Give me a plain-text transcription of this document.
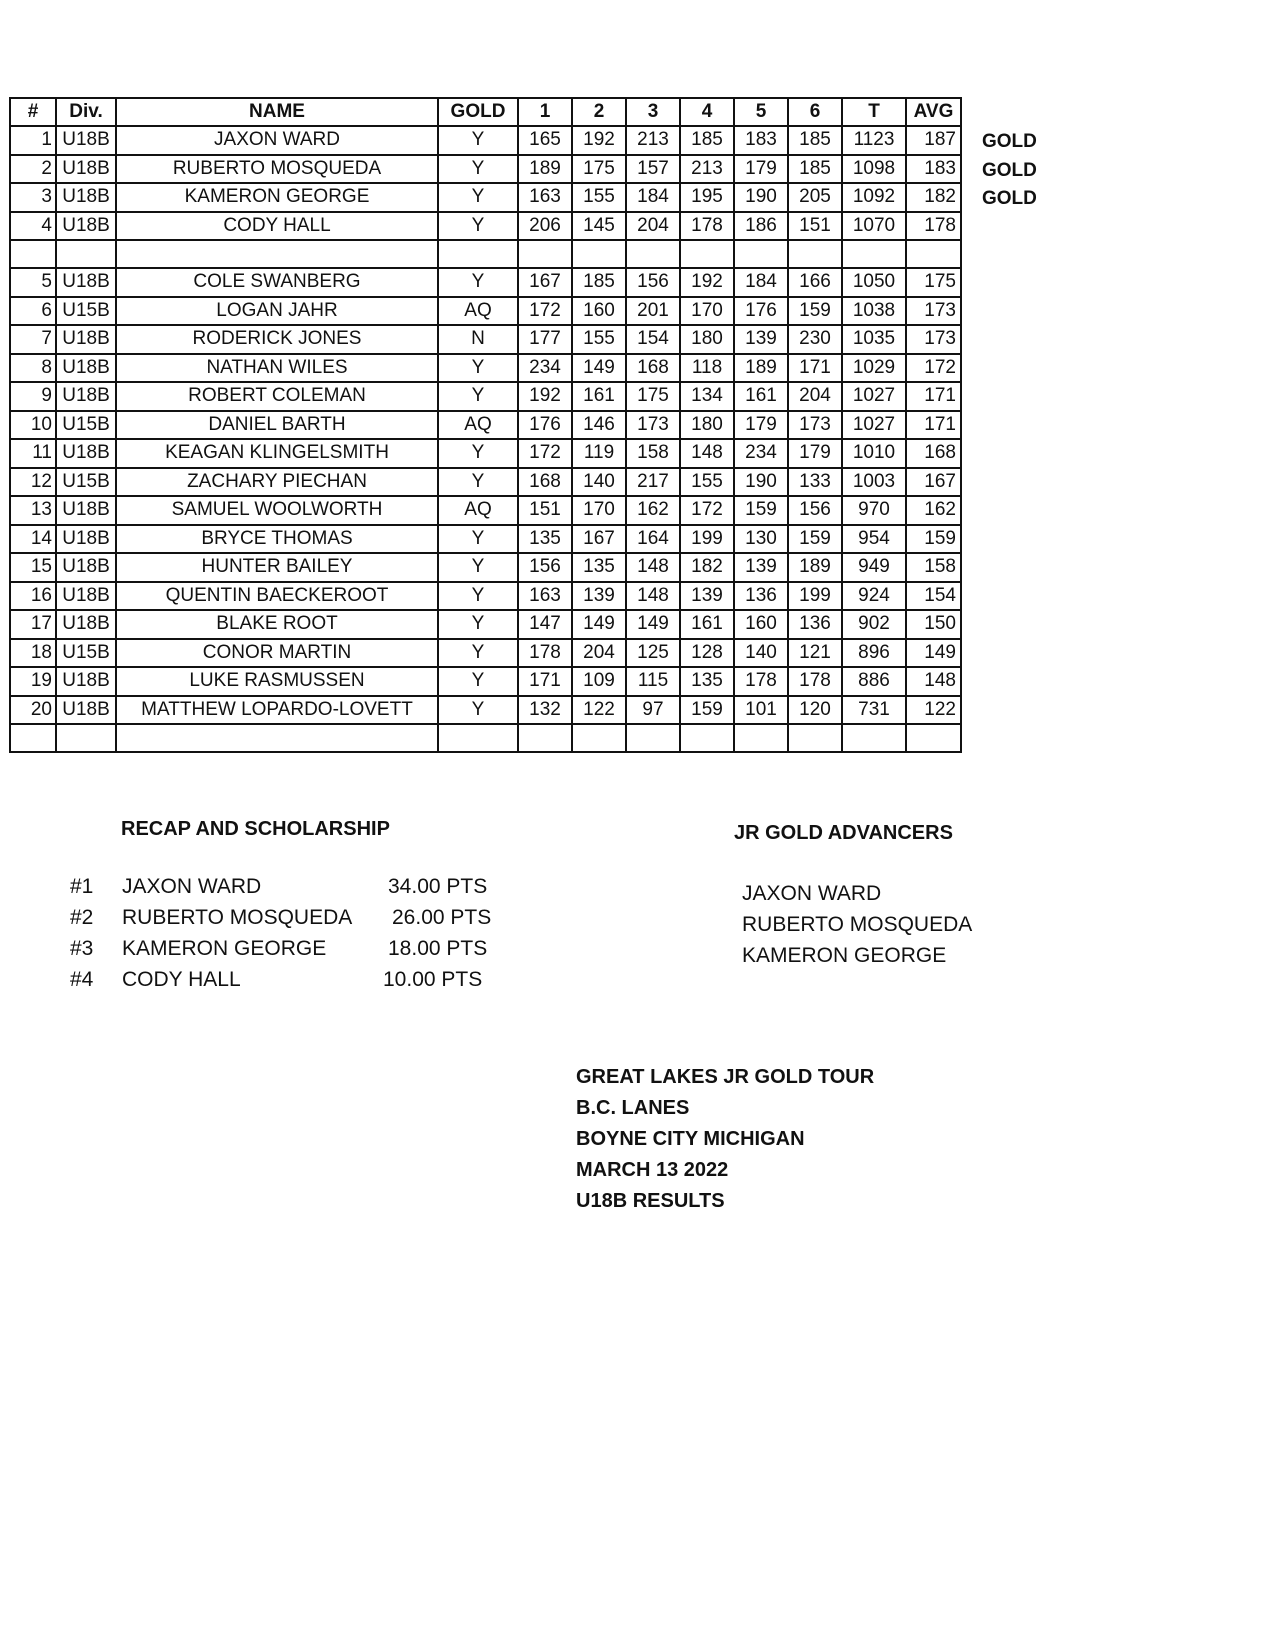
#	Div.	NAME	GOLD	1	2	3	4	5	6	T	AVG
1	U18B	JAXON WARD	Y	165	192	213	185	183	185	1123	187
2	U18B	RUBERTO MOSQUEDA	Y	189	175	157	213	179	185	1098	183
3	U18B	KAMERON GEORGE	Y	163	155	184	195	190	205	1092	182
4	U18B	CODY HALL	Y	206	145	204	178	186	151	1070	178

5	U18B	COLE SWANBERG	Y	167	185	156	192	184	166	1050	175
6	U15B	LOGAN JAHR	AQ	172	160	201	170	176	159	1038	173
7	U18B	RODERICK JONES	N	177	155	154	180	139	230	1035	173
8	U18B	NATHAN WILES	Y	234	149	168	118	189	171	1029	172
9	U18B	ROBERT COLEMAN	Y	192	161	175	134	161	204	1027	171
10	U15B	DANIEL BARTH	AQ	176	146	173	180	179	173	1027	171
11	U18B	KEAGAN KLINGELSMITH	Y	172	119	158	148	234	179	1010	168
12	U15B	ZACHARY PIECHAN	Y	168	140	217	155	190	133	1003	167
13	U18B	SAMUEL WOOLWORTH	AQ	151	170	162	172	159	156	970	162
14	U18B	BRYCE THOMAS	Y	135	167	164	199	130	159	954	159
15	U18B	HUNTER BAILEY	Y	156	135	148	182	139	189	949	158
16	U18B	QUENTIN BAECKEROOT	Y	163	139	148	139	136	199	924	154
17	U18B	BLAKE ROOT	Y	147	149	149	161	160	136	902	150
18	U15B	CONOR MARTIN	Y	178	204	125	128	140	121	896	149
19	U18B	LUKE RASMUSSEN	Y	171	109	115	135	178	178	886	148
20	U18B	MATTHEW LOPARDO-LOVETT	Y	132	122	97	159	101	120	731	122

GOLD
GOLD
GOLD
RECAP AND SCHOLARSHIP	JR GOLD ADVANCERS
#1 JAXON WARD	34.00 PTS
#2 RUBERTO MOSQUEDA 26.00 PTS
#3 KAMERON GEORGE	18.00 PTS
#4 CODY HALL	10.00 PTS
JAXON WARD
RUBERTO MOSQUEDA
KAMERON GEORGE
GREAT LAKES JR GOLD TOUR
B.C. LANES
BOYNE CITY MICHIGAN
MARCH 13 2022
U18B RESULTS
